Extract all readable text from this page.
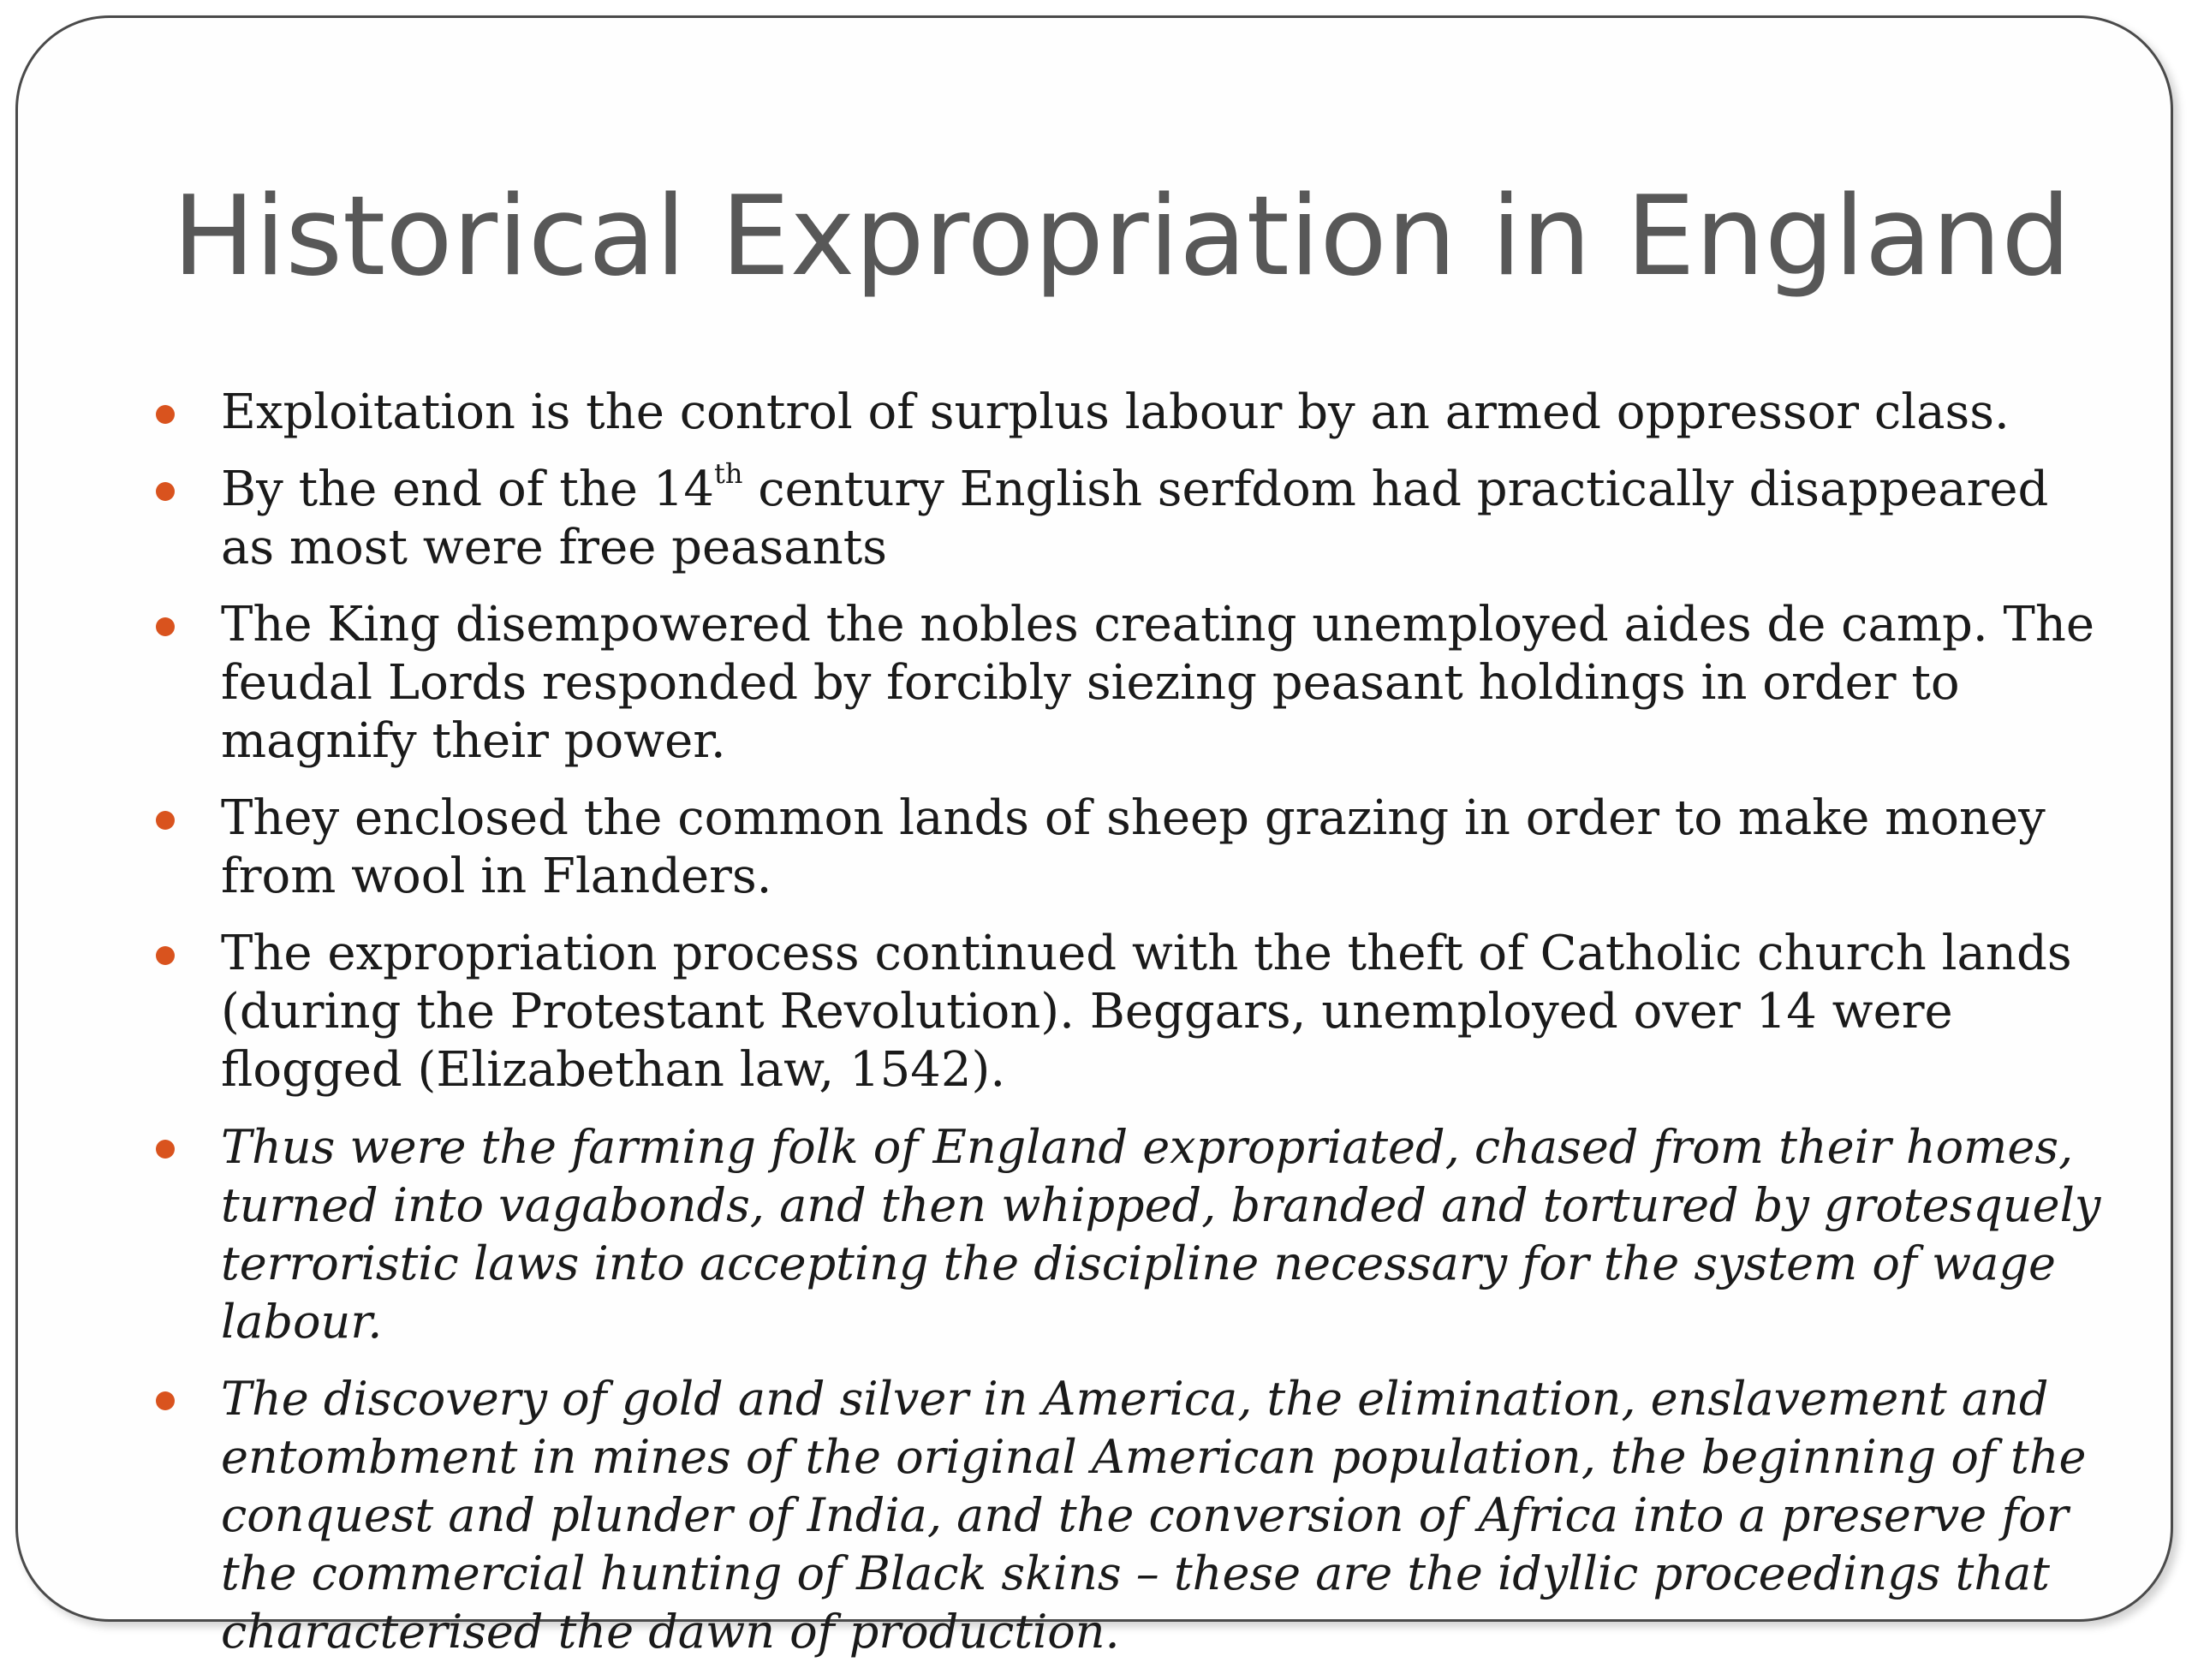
Historical Expropriation in England
Exploitation is the control of surplus labour by an armed oppressor class.
By the end of the 14th century English serfdom had practically disappeared as most were free peasants
The King disempowered the nobles creating unemployed aides de camp. The feudal Lords responded by forcibly siezing peasant holdings in order to magnify their power.
They enclosed the common lands of sheep grazing in order to make money from wool in Flanders.
The expropriation process continued with the theft of Catholic church lands (during the Protestant Revolution). Beggars, unemployed over 14 were flogged (Elizabethan law, 1542).
Thus were the farming folk of England expropriated, chased from their homes, turned into vagabonds, and then whipped, branded and tortured by grotesquely terroristic laws into accepting the discipline necessary for the system of wage labour.
The discovery of gold and silver in America, the elimination, enslavement and entombment in mines of the original American population, the beginning of the conquest and plunder of India, and the conversion of Africa into a preserve for the commercial hunting of Black skins – these are the idyllic proceedings that characterised the dawn of production.
